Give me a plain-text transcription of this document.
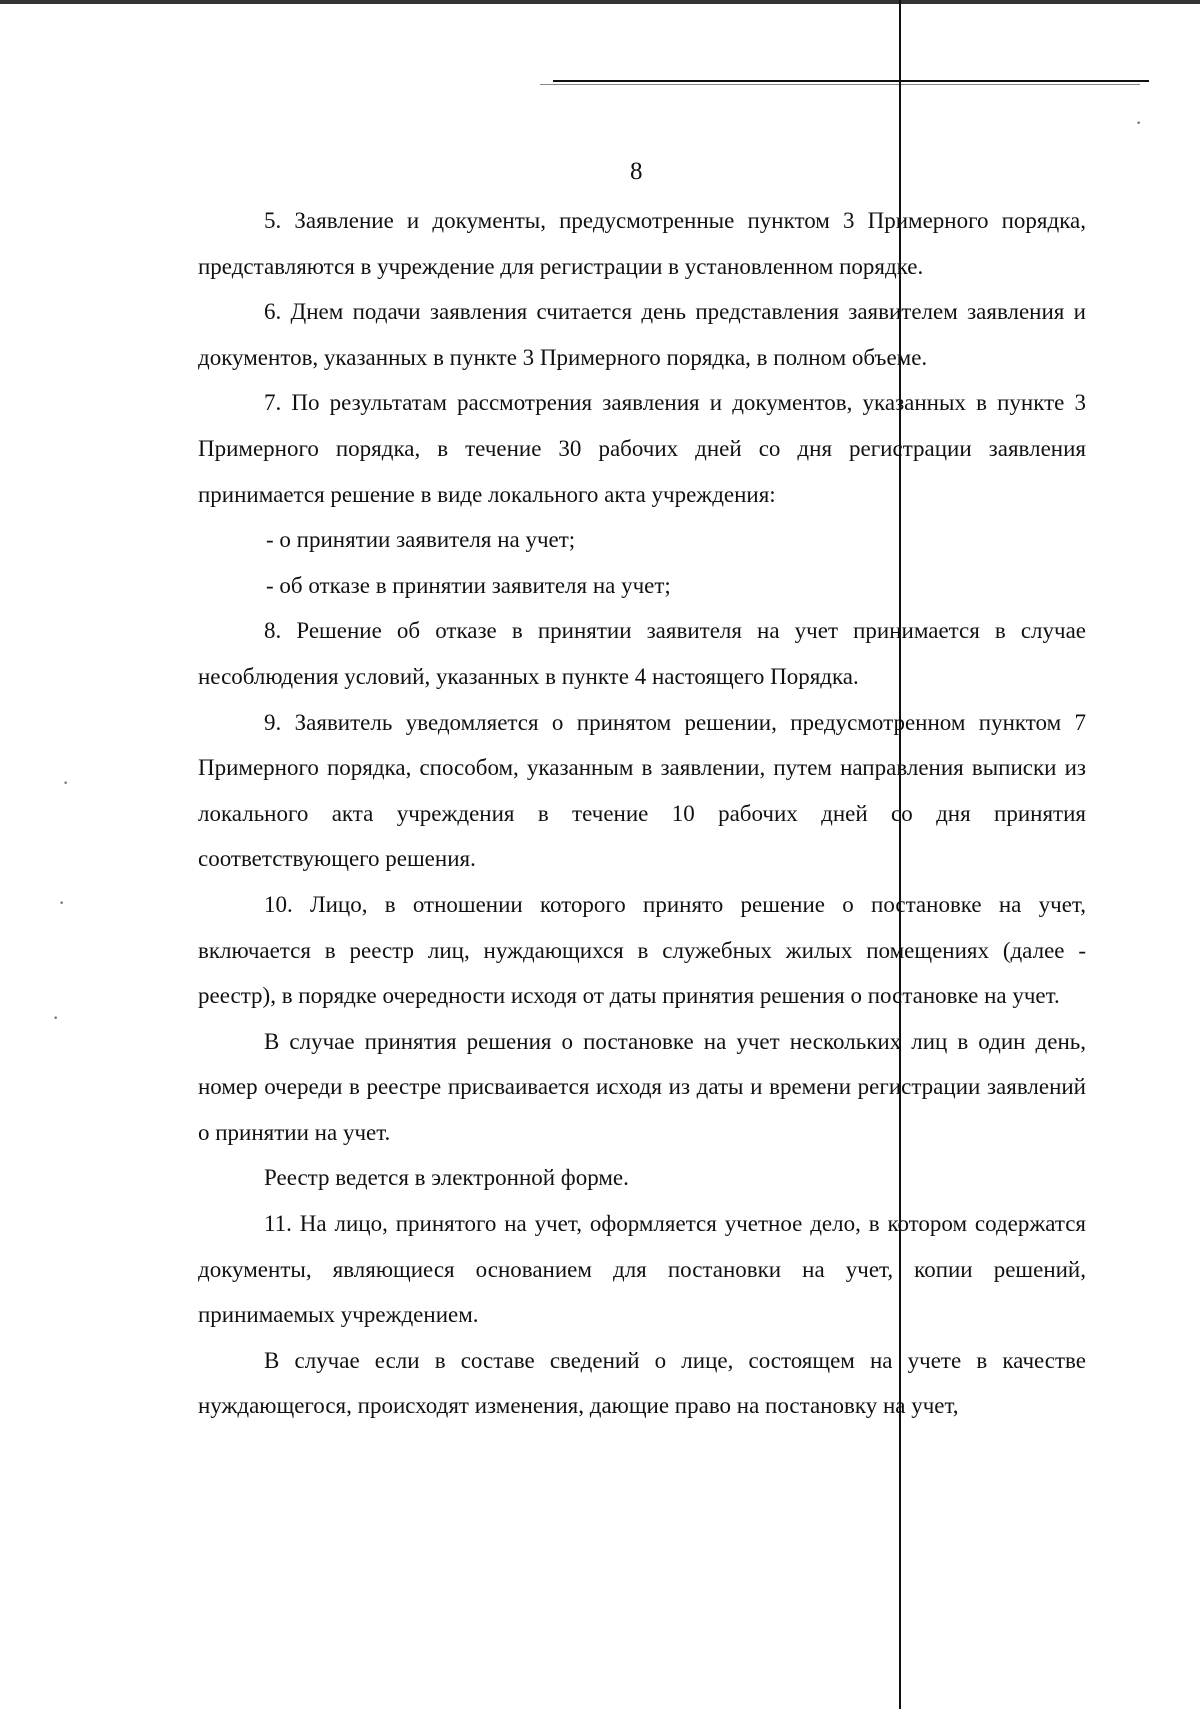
·
·
·
·
8

5. Заявление и документы, предусмотренные пунктом 3 Примерного порядка, представляются в учреждение для регистрации в установленном порядке.

6. Днем подачи заявления считается день представления заявителем заявления и документов, указанных в пункте 3 Примерного порядка, в полном объеме.

7. По результатам рассмотрения заявления и документов, указанных в пункте 3 Примерного порядка, в течение 30 рабочих дней со дня регистрации заявления принимается решение в виде локального акта учреждения:

- о принятии заявителя на учет;

- об отказе в принятии заявителя на учет;

8. Решение об отказе в принятии заявителя на учет принимается в случае несоблюдения условий, указанных в пункте 4 настоящего Порядка.

9. Заявитель уведомляется о принятом решении, предусмотренном пунктом 7 Примерного порядка, способом, указанным в заявлении, путем направления выписки из локального акта учреждения в течение 10 рабочих дней со дня принятия соответствующего решения.

10. Лицо, в отношении которого принято решение о постановке на учет, включается в реестр лиц, нуждающихся в служебных жилых помещениях (далее - реестр), в порядке очередности исходя от даты принятия решения о постановке на учет.

В случае принятия решения о постановке на учет нескольких лиц в один день, номер очереди в реестре присваивается исходя из даты и времени регистрации заявлений о принятии на учет.

Реестр ведется в электронной форме.

11. На лицо, принятого на учет, оформляется учетное дело, в котором содержатся документы, являющиеся основанием для постановки на учет, копии решений, принимаемых учреждением.

В случае если в составе сведений о лице, состоящем на учете в качестве нуждающегося, происходят изменения, дающие право на постановку на учет,
